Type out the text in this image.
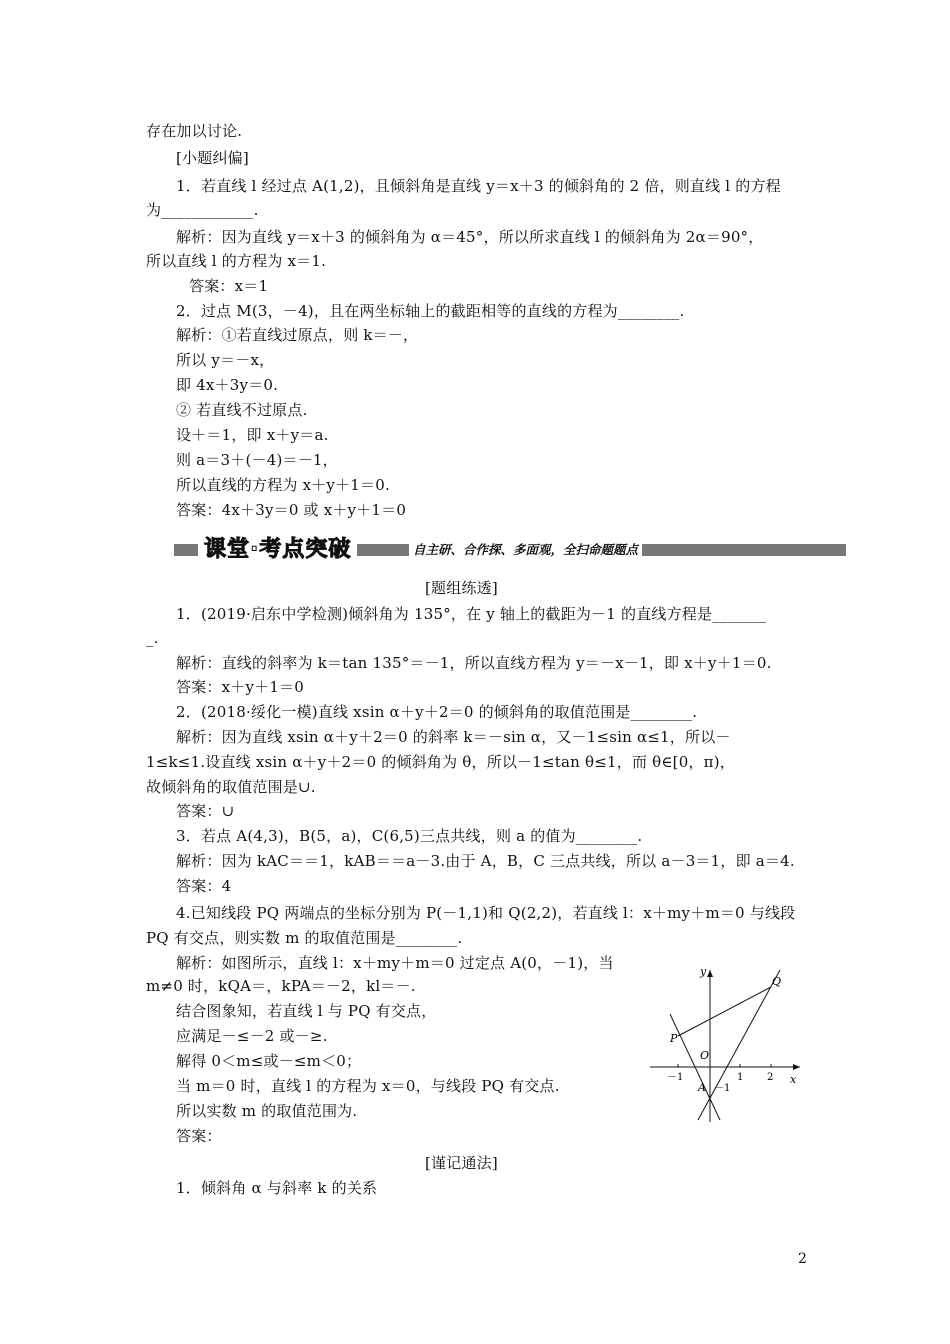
存在加以讨论.
[小题纠偏]
1．若直线 l 经过点 A(1,2)，且倾斜角是直线 y＝x＋3 的倾斜角的 2 倍，则直线 l 的方程
为____________.
解析：因为直线 y＝x＋3 的倾斜角为 α＝45°，所以所求直线 l 的倾斜角为 2α＝90°，
所以直线 l 的方程为 x＝1.
答案：x＝1
2．过点 M(3，－4)，且在两坐标轴上的截距相等的直线的方程为________.
解析：①若直线过原点，则 k＝－，
所以 y＝－x，
即 4x＋3y＝0.
② 若直线不过原点.
设＋＝1，即 x＋y＝a.
则 a＝3＋(－4)＝－1，
所以直线的方程为 x＋y＋1＝0.
答案：4x＋3y＝0 或 x＋y＋1＝0
课堂·考点突破	自主研、合作探、多面观，全扫命题题点
[题组练透]
1．(2019·启东中学检测)倾斜角为 135°，在 y 轴上的截距为－1 的直线方程是_______
_.
解析：直线的斜率为 k＝tan 135°＝－1，所以直线方程为 y＝－x－1，即 x＋y＋1＝0.
答案：x＋y＋1＝0
2．(2018·绥化一模)直线 xsin α＋y＋2＝0 的倾斜角的取值范围是________.
解析：因为直线 xsin α＋y＋2＝0 的斜率 k＝－sin α，又－1≤sin α≤1，所以－
1≤k≤1.设直线 xsin α＋y＋2＝0 的倾斜角为 θ，所以－1≤tan θ≤1，而 θ∈[0，π)，
故倾斜角的取值范围是∪.
答案：∪
3．若点 A(4,3)，B(5，a)，C(6,5)三点共线，则 a 的值为________.
解析：因为 kAC＝＝1，kAB＝＝a－3.由于 A，B，C 三点共线，所以 a－3＝1，即 a＝4.
答案：4
4.已知线段 PQ 两端点的坐标分别为 P(－1,1)和 Q(2,2)，若直线 l：x＋my＋m＝0 与线段
PQ 有交点，则实数 m 的取值范围是________.
解析：如图所示，直线 l：x＋my＋m＝0 过定点 A(0，－1)，当
m≠0 时，kQA＝，kPA＝－2，kl＝－.
结合图象知，若直线 l 与 PQ 有交点，
应满足－≤－2 或－≥.
解得 0＜m≤或－≤m＜0；
当 m＝0 时，直线 l 的方程为 x＝0，与线段 PQ 有交点.
所以实数 m 的取值范围为.
答案：
[谨记通法]
1．倾斜角 α 与斜率 k 的关系
y
x
O
P
Q
A
－1	1 2
－1
2
